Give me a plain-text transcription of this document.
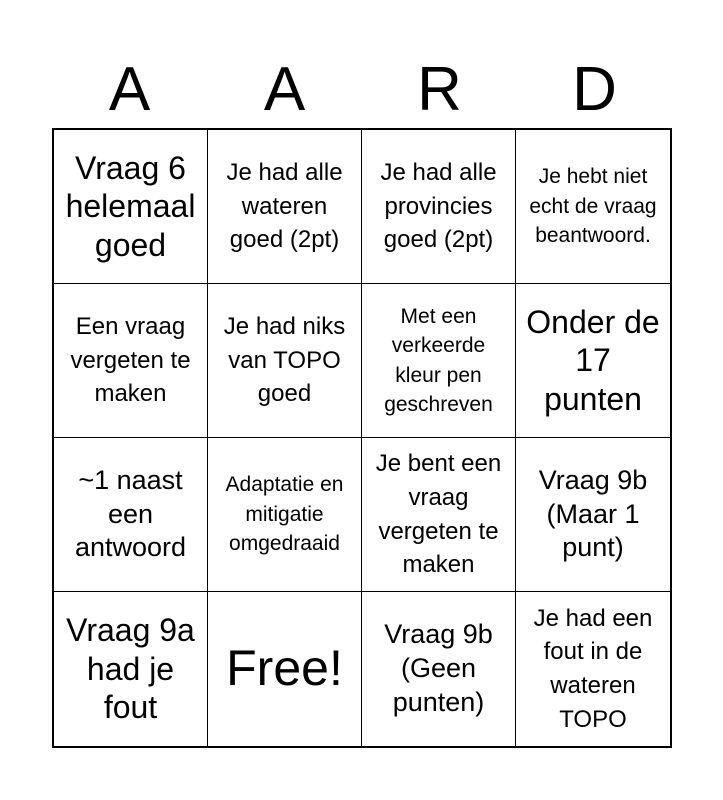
A	A	R	D
Vraag 6 helemaal goed
Je had alle wateren goed (2pt)
Je had alle provincies goed (2pt)
Je hebt niet echt de vraag beantwoord.
Een vraag vergeten te maken
Je had niks van TOPO goed
Met een verkeerde kleur pen geschreven
Onder de 17 punten
~1 naast een antwoord
Adaptatie en mitigatie omgedraaid
Je bent een vraag vergeten te maken
Vraag 9b (Maar 1 punt)
Vraag 9a had je fout
Free!
Vraag 9b (Geen punten)
Je had een fout in de wateren TOPO
